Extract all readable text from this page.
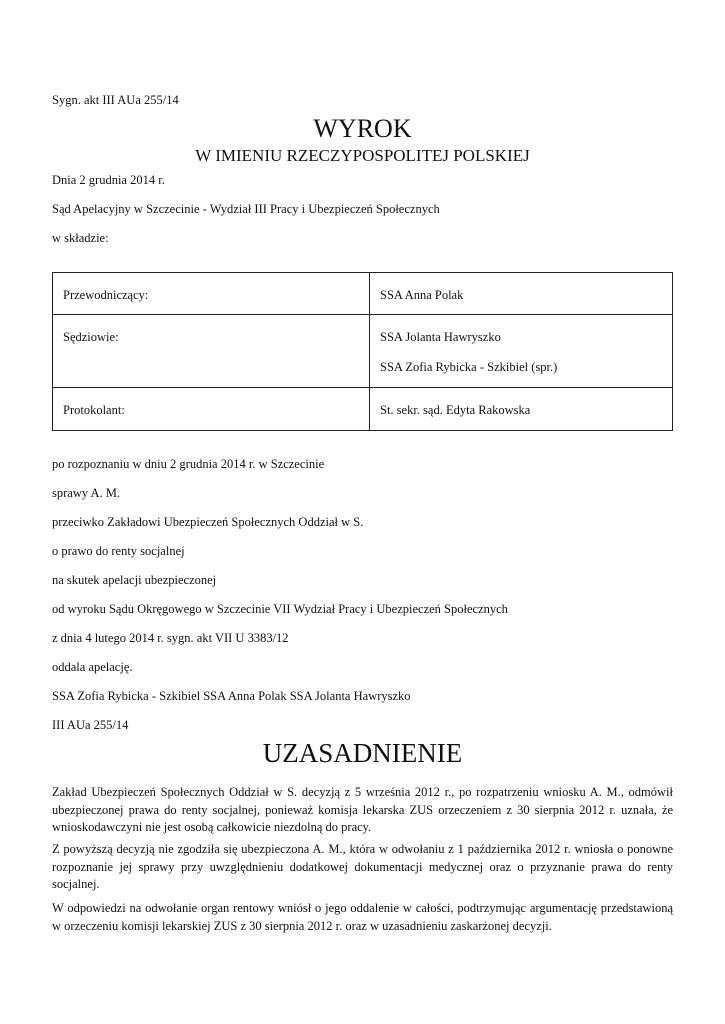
Sygn. akt III AUa 255/14
WYROK
W IMIENIU RZECZYPOSPOLITEJ POLSKIEJ
Dnia 2 grudnia 2014 r.
Sąd Apelacyjny w Szczecinie - Wydział III Pracy i Ubezpieczeń Społecznych
w składzie:
Przewodniczący:	SSA Anna Polak

Sędziowie:	SSA Jolanta Hawryszko
SSA Zofia Rybicka - Szkibiel (spr.)

Protokolant:	St. sekr. sąd. Edyta Rakowska
po rozpoznaniu w dniu 2 grudnia 2014 r. w Szczecinie
sprawy A. M.
przeciwko Zakładowi Ubezpieczeń Społecznych Oddział w S.
o prawo do renty socjalnej
na skutek apelacji ubezpieczonej
od wyroku Sądu Okręgowego w Szczecinie VII Wydział Pracy i Ubezpieczeń Społecznych
z dnia 4 lutego 2014 r. sygn. akt VII U 3383/12
oddala apelację.
SSA Zofia Rybicka - Szkibiel SSA Anna Polak SSA Jolanta Hawryszko
III AUa 255/14
UZASADNIENIE
Zakład Ubezpieczeń Społecznych Oddział w S. decyzją z 5 września 2012 r., po rozpatrzeniu wniosku A. M., odmówił ubezpieczonej prawa do renty socjalnej, ponieważ komisja lekarska ZUS orzeczeniem z 30 sierpnia 2012 r. uznała, że wnioskodawczyni nie jest osobą całkowicie niezdolną do pracy.
Z powyższą decyzją nie zgodziła się ubezpieczona A. M., która w odwołaniu z 1 października 2012 r. wniosła o ponowne rozpoznanie jej sprawy przy uwzględnieniu dodatkowej dokumentacji medycznej oraz o przyznanie prawa do renty socjalnej.
W odpowiedzi na odwołanie organ rentowy wniósł o jego oddalenie w całości, podtrzymując argumentację przedstawioną w orzeczeniu komisji lekarskiej ZUS z 30 sierpnia 2012 r. oraz w uzasadnieniu zaskarżonej decyzji.
